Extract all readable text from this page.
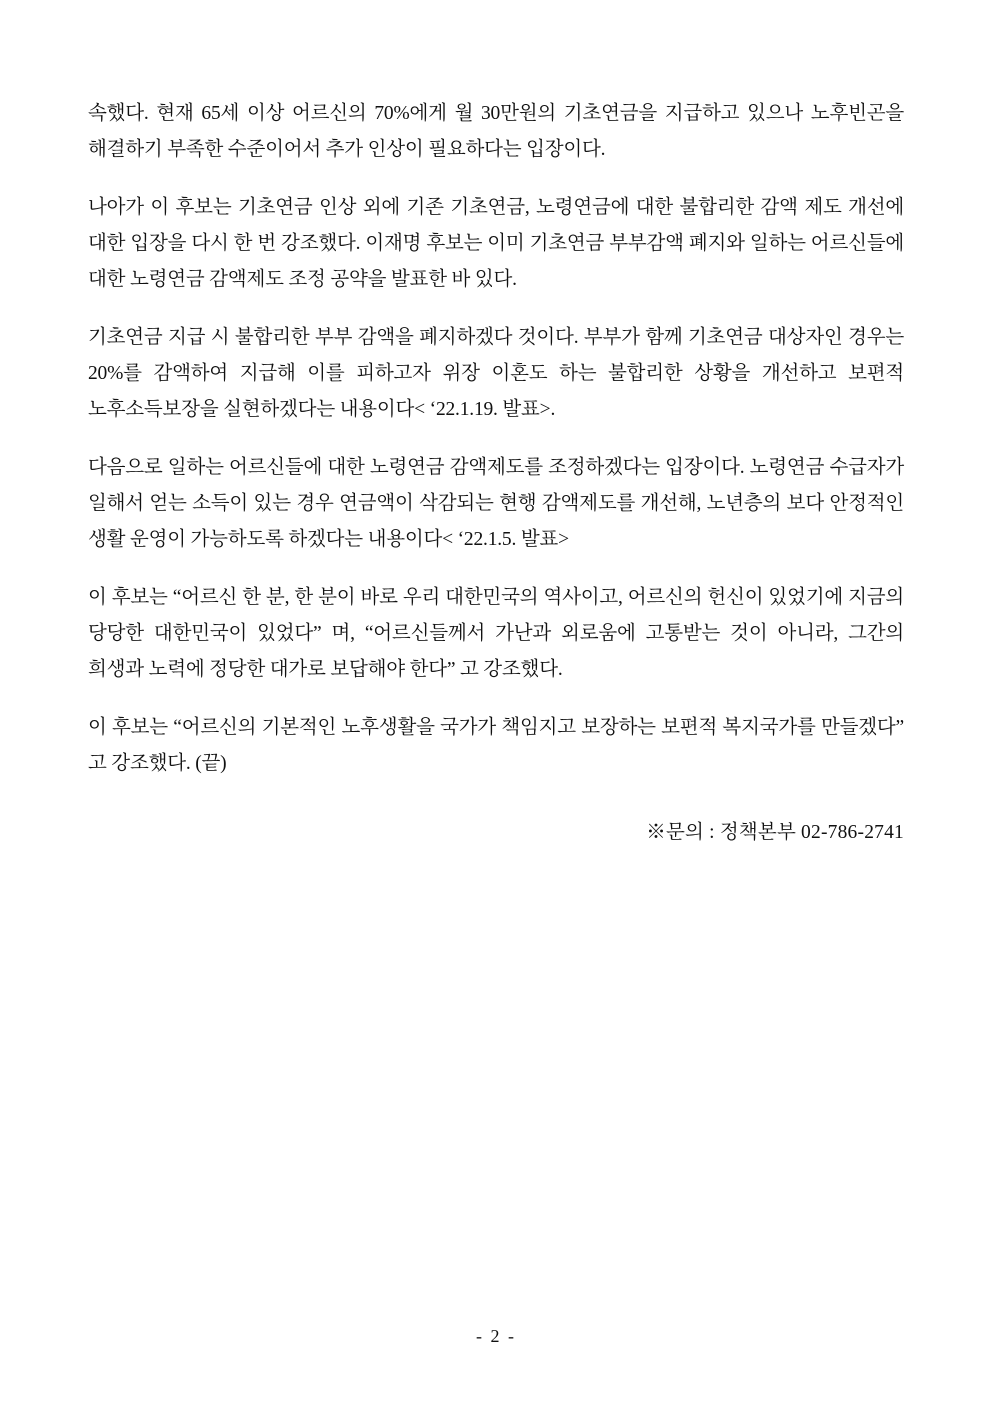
속했다. 현재 65세 이상 어르신의 70%에게 월 30만원의 기초연금을 지급하고 있으나 노후빈곤을 해결하기 부족한 수준이어서 추가 인상이 필요하다는 입장이다.

나아가 이 후보는 기초연금 인상 외에 기존 기초연금, 노령연금에 대한 불합리한 감액 제도 개선에 대한 입장을 다시 한 번 강조했다. 이재명 후보는 이미 기초연금 부부감액 폐지와 일하는 어르신들에 대한 노령연금 감액제도 조정 공약을 발표한 바 있다.

기초연금 지급 시 불합리한 부부 감액을 폐지하겠다 것이다. 부부가 함께 기초연금 대상자인 경우는 20%를 감액하여 지급해 이를 피하고자 위장 이혼도 하는 불합리한 상황을 개선하고 보편적 노후소득보장을 실현하겠다는 내용이다< ‘22.1.19. 발표>.

다음으로 일하는 어르신들에 대한 노령연금 감액제도를 조정하겠다는 입장이다. 노령연금 수급자가 일해서 얻는 소득이 있는 경우 연금액이 삭감되는 현행 감액제도를 개선해, 노년층의 보다 안정적인 생활 운영이 가능하도록 하겠다는 내용이다< ‘22.1.5. 발표>

이 후보는 “어르신 한 분, 한 분이 바로 우리 대한민국의 역사이고, 어르신의 헌신이 있었기에 지금의 당당한 대한민국이 있었다” 며, “어르신들께서 가난과 외로움에 고통받는 것이 아니라, 그간의 희생과 노력에 정당한 대가로 보답해야 한다” 고 강조했다.

이 후보는 “어르신의 기본적인 노후생활을 국가가 책임지고 보장하는 보편적 복지국가를 만들겠다” 고 강조했다. (끝)

※문의 : 정책본부 02-786-2741
- 2 -
